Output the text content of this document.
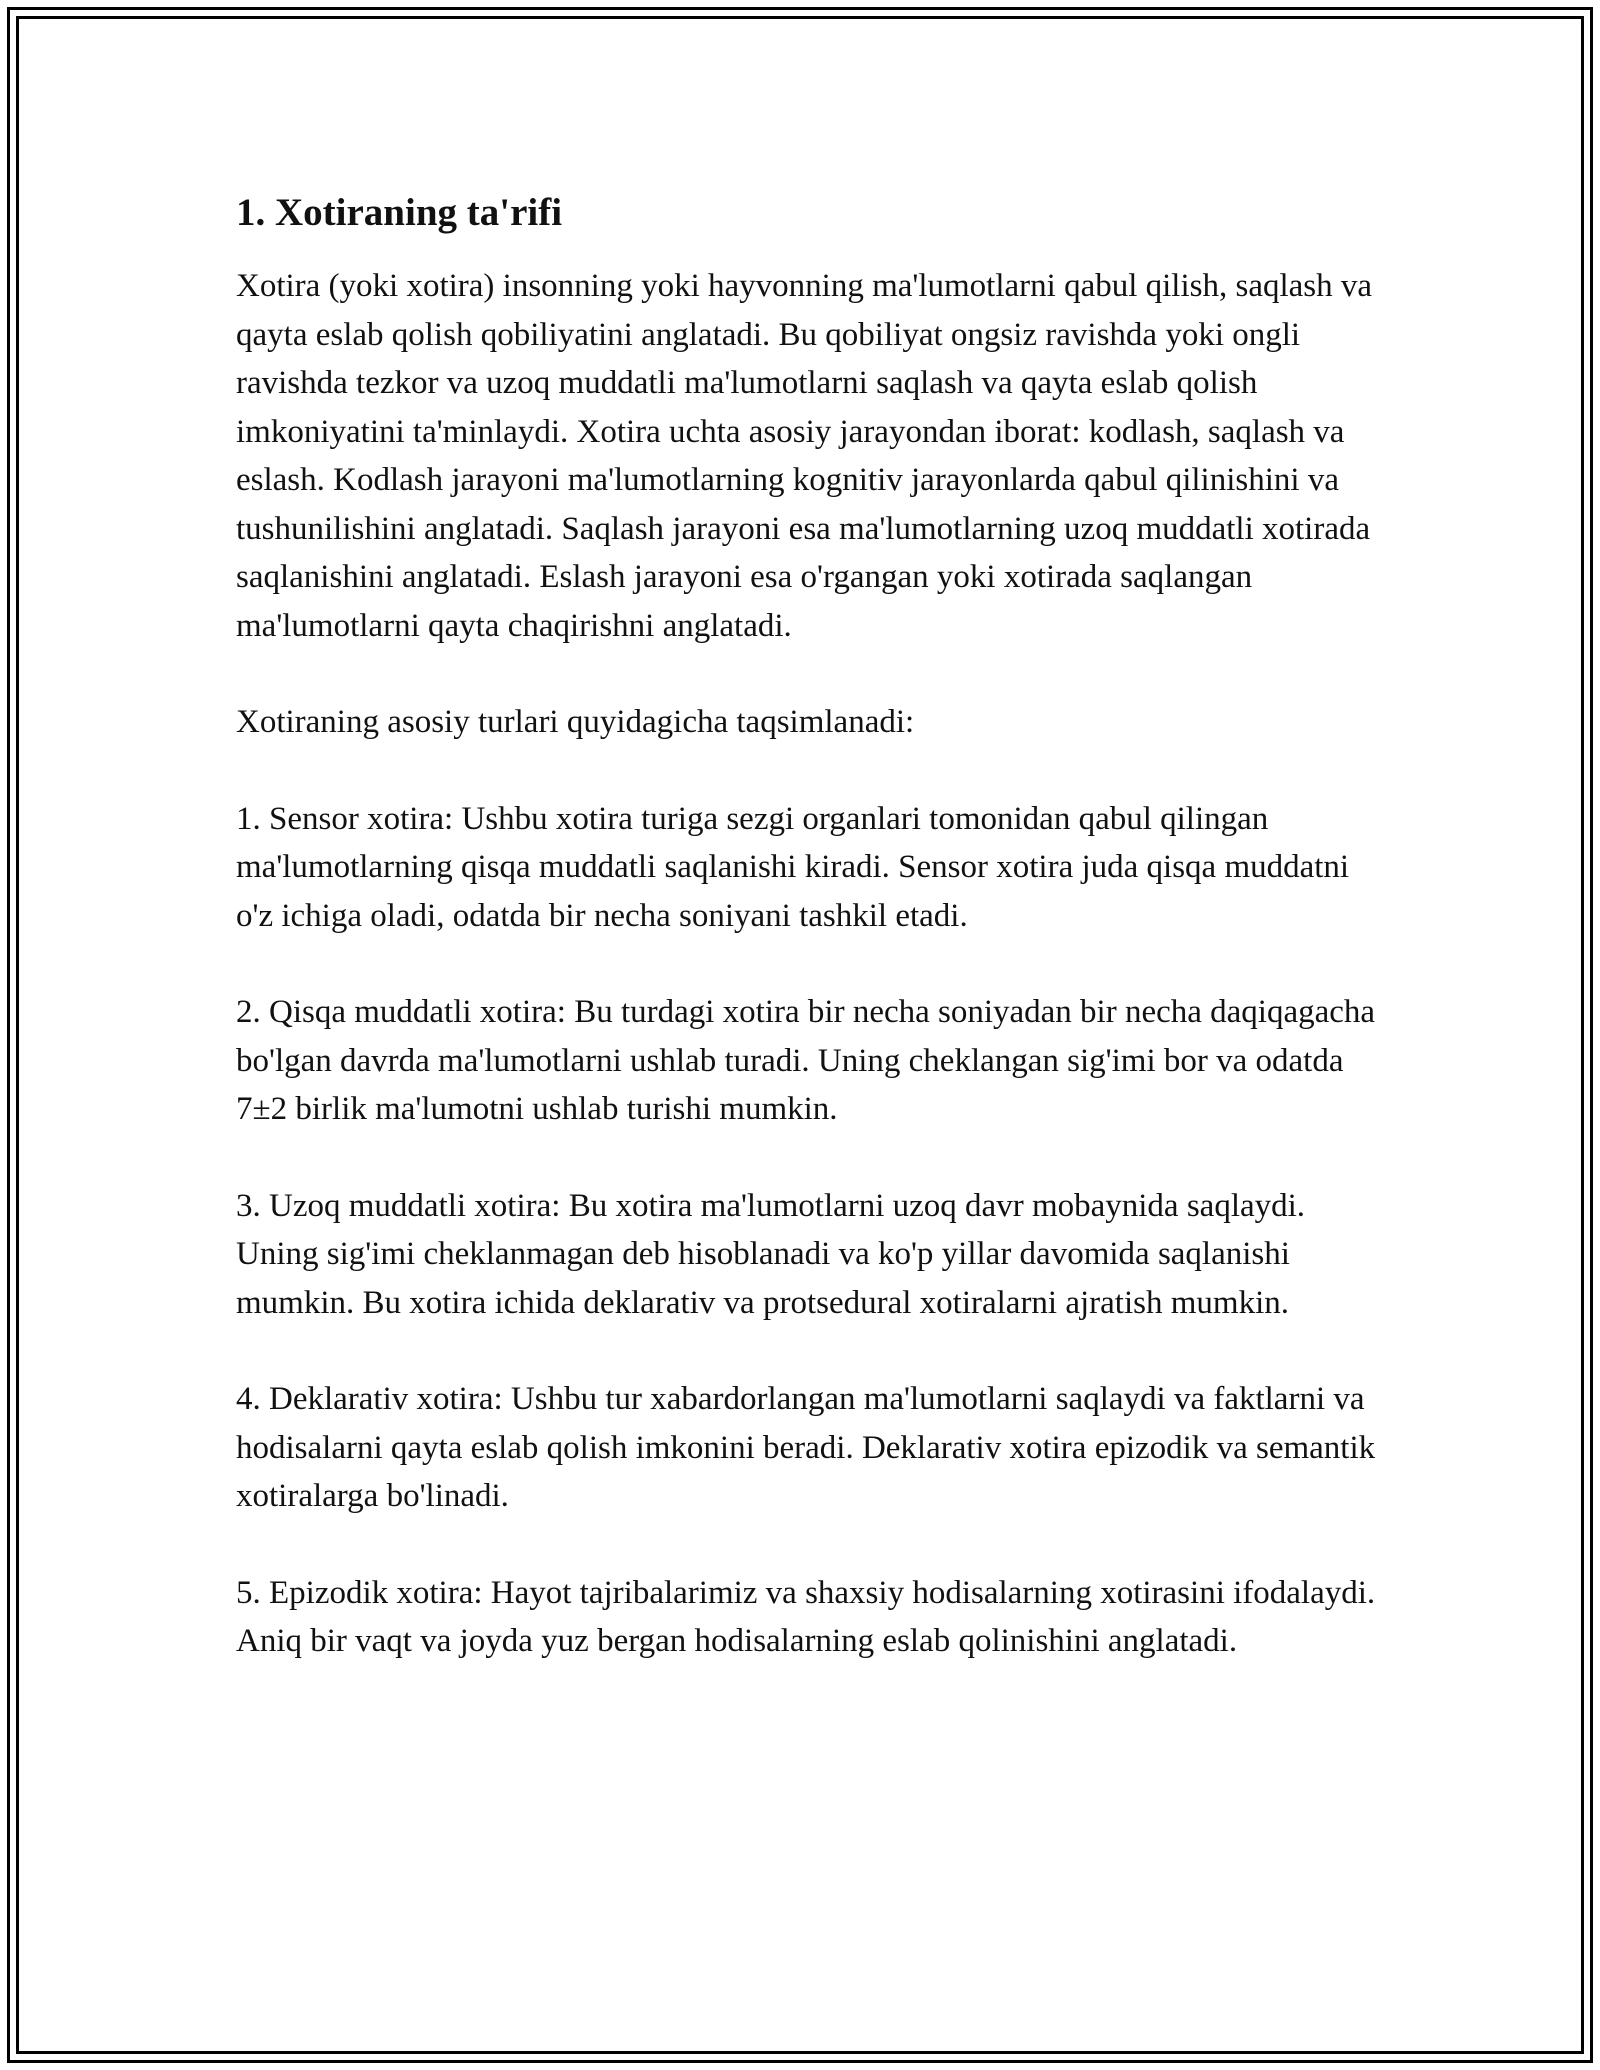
1. Xotiraning ta'rifi

Xotira (yoki xotira) insonning yoki hayvonning ma'lumotlarni qabul qilish, saqlash va qayta eslab qolish qobiliyatini anglatadi. Bu qobiliyat ongsiz ravishda yoki ongli ravishda tezkor va uzoq muddatli ma'lumotlarni saqlash va qayta eslab qolish imkoniyatini ta'minlaydi. Xotira uchta asosiy jarayondan iborat: kodlash, saqlash va eslash. Kodlash jarayoni ma'lumotlarning kognitiv jarayonlarda qabul qilinishini va tushunilishini anglatadi. Saqlash jarayoni esa ma'lumotlarning uzoq muddatli xotirada saqlanishini anglatadi. Eslash jarayoni esa o'rgangan yoki xotirada saqlangan ma'lumotlarni qayta chaqirishni anglatadi.

Xotiraning asosiy turlari quyidagicha taqsimlanadi:

1. Sensor xotira: Ushbu xotira turiga sezgi organlari tomonidan qabul qilingan ma'lumotlarning qisqa muddatli saqlanishi kiradi. Sensor xotira juda qisqa muddatni o'z ichiga oladi, odatda bir necha soniyani tashkil etadi.

2. Qisqa muddatli xotira: Bu turdagi xotira bir necha soniyadan bir necha daqiqagacha bo'lgan davrda ma'lumotlarni ushlab turadi. Uning cheklangan sig'imi bor va odatda 7±2 birlik ma'lumotni ushlab turishi mumkin.

3. Uzoq muddatli xotira: Bu xotira ma'lumotlarni uzoq davr mobaynida saqlaydi. Uning sig'imi cheklanmagan deb hisoblanadi va ko'p yillar davomida saqlanishi mumkin. Bu xotira ichida deklarativ va protsedural xotiralarni ajratish mumkin.

4. Deklarativ xotira: Ushbu tur xabardorlangan ma'lumotlarni saqlaydi va faktlarni va hodisalarni qayta eslab qolish imkonini beradi. Deklarativ xotira epizodik va semantik xotiralarga bo'linadi.

5. Epizodik xotira: Hayot tajribalarimiz va shaxsiy hodisalarning xotirasini ifodalaydi. Aniq bir vaqt va joyda yuz bergan hodisalarning eslab qolinishini anglatadi.
